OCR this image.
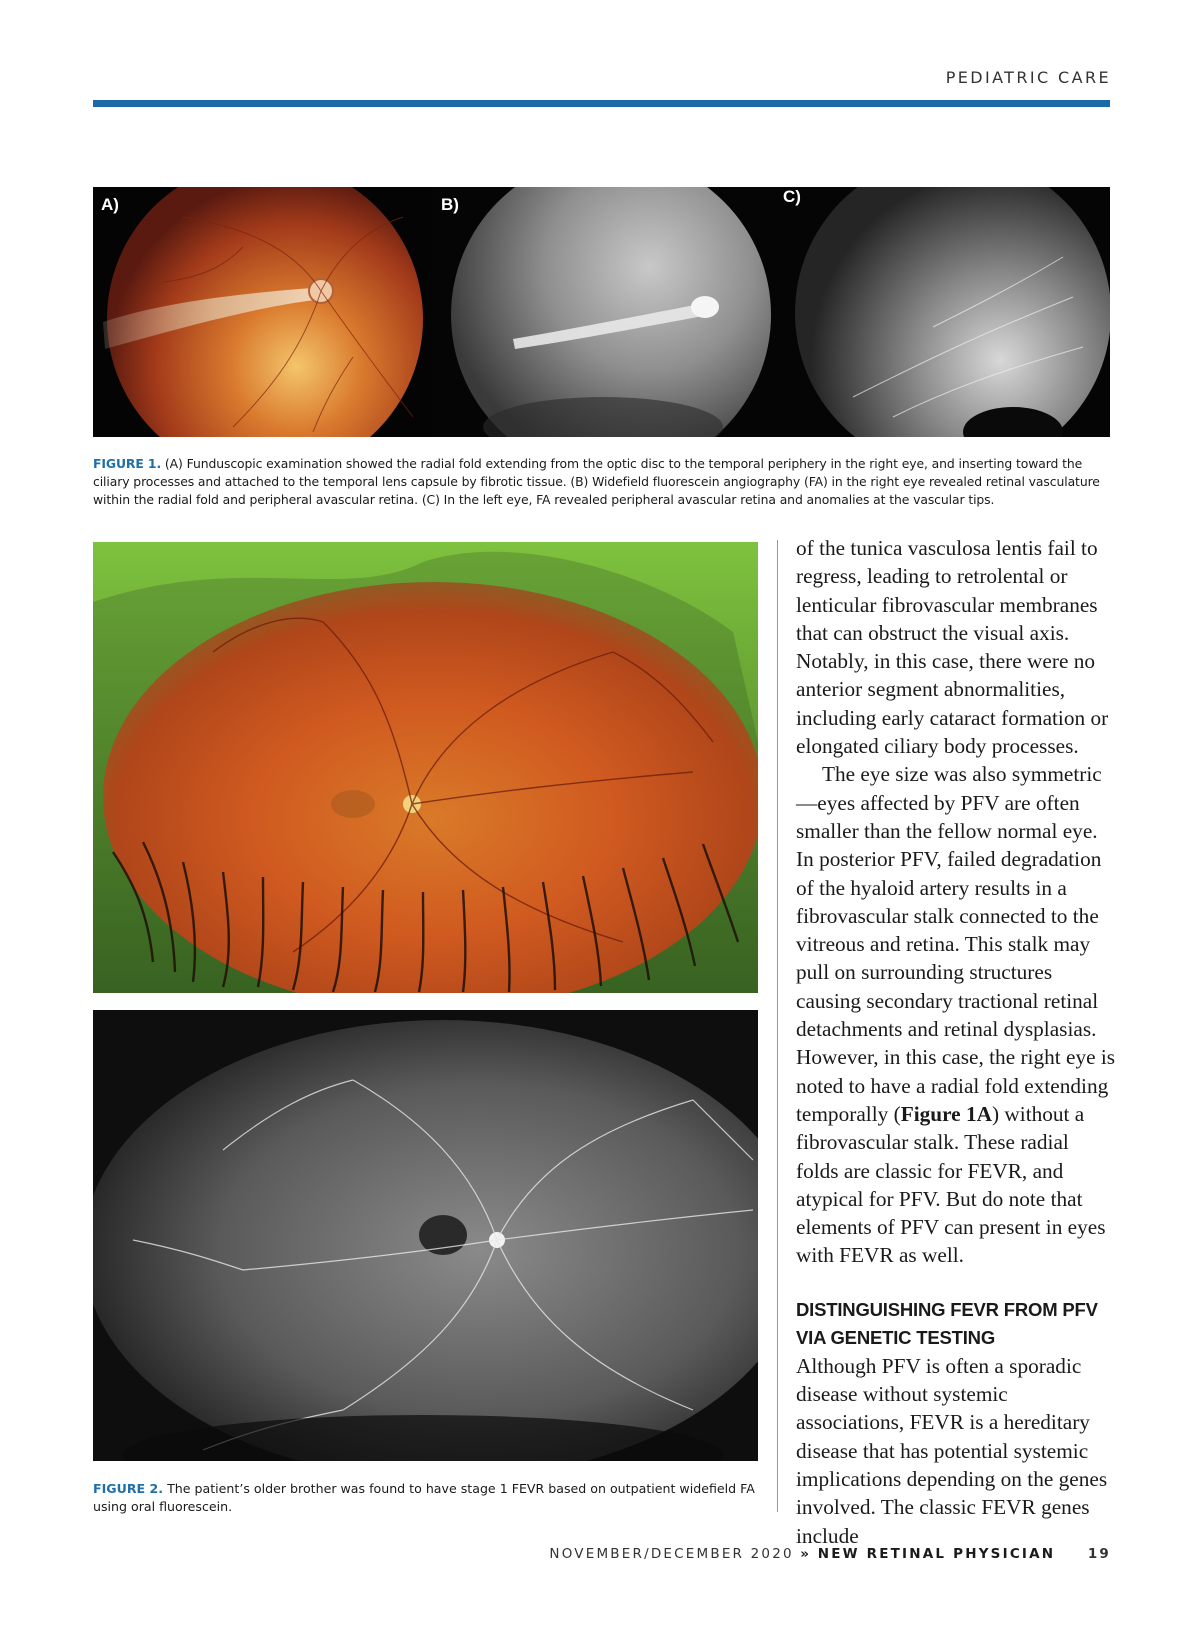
PEDIATRIC CARE
A)	B)	C)
FIGURE 1. (A) Funduscopic examination showed the radial fold extending from the optic disc to the temporal periphery in the right eye, and inserting toward the ciliary processes and attached to the temporal lens capsule by fibrotic tissue. (B) Widefield fluorescein angiography (FA) in the right eye revealed retinal vasculature within the radial fold and peripheral avascular retina. (C) In the left eye, FA revealed peripheral avascular retina and anomalies at the vascular tips.
FIGURE 2. The patient’s older brother was found to have stage 1 FEVR based on outpatient widefield FA using oral fluorescein.

of the tunica vasculosa lentis fail to regress, leading to retrolental or lenticular fibrovascular membranes that can obstruct the visual axis. Notably, in this case, there were no anterior segment abnormalities, including early cataract formation or elongated ciliary body processes.

The eye size was also symmetric—eyes affected by PFV are often smaller than the fellow normal eye. In posterior PFV, failed degradation of the hyaloid artery results in a fibrovascular stalk connected to the vitreous and retina. This stalk may pull on surrounding structures causing secondary tractional retinal detachments and retinal dysplasias. However, in this case, the right eye is noted to have a radial fold extending temporally (Figure 1A) without a fibrovascular stalk. These radial folds are classic for FEVR, and atypical for PFV. But do note that elements of PFV can present in eyes with FEVR as well.

DISTINGUISHING FEVR FROM PFV VIA GENETIC TESTING

Although PFV is often a sporadic disease without systemic associations, FEVR is a hereditary disease that has potential systemic implications depending on the genes involved. The classic FEVR genes include

NOVEMBER/DECEMBER 2020 » NEW RETINAL PHYSICIAN 19
